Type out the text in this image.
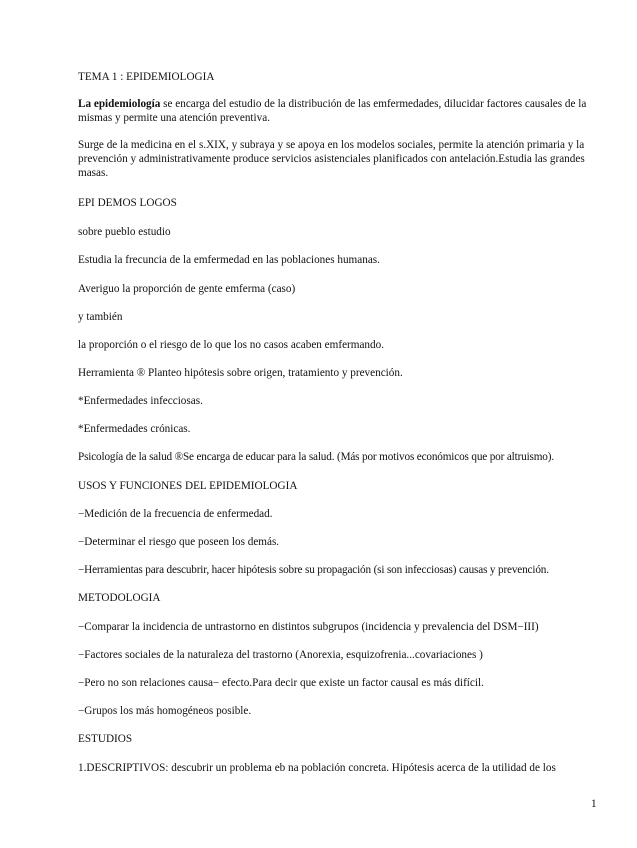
TEMA 1 : EPIDEMIOLOGIA

La epidemiología se encarga del estudio de la distribución de las emfermedades, dilucidar factores causales de la mismas y permite una atención preventiva.

Surge de la medicina en el s.XIX, y subraya y se apoya en los modelos sociales, permite la atención primaria y la prevención y administrativamente produce servicios asistenciales planificados con antelación.Estudia las grandes masas.

EPI DEMOS LOGOS

sobre pueblo estudio

Estudia la frecuncia de la emfermedad en las poblaciones humanas.

Averiguo la proporción de gente emferma (caso)

y también

la proporción o el riesgo de lo que los no casos acaben emfermando.

Herramienta ® Planteo hipótesis sobre origen, tratamiento y prevención.

*Enfermedades infecciosas.

*Enfermedades crónicas.

Psicología de la salud ®Se encarga de educar para la salud. (Más por motivos económicos que por altruismo).

USOS Y FUNCIONES DEL EPIDEMIOLOGIA

−Medición de la frecuencia de enfermedad.

−Determinar el riesgo que poseen los demás.

−Herramientas para descubrir, hacer hipótesis sobre su propagación (si son infecciosas) causas y prevención.

METODOLOGIA

−Comparar la incidencia de untrastorno en distintos subgrupos (incidencia y prevalencia del DSM−III)

−Factores sociales de la naturaleza del trastorno (Anorexia, esquizofrenia...covariaciones )

−Pero no son relaciones causa− efecto.Para decir que existe un factor causal es más difícil.

−Grupos los más homogéneos posible.

ESTUDIOS

1.DESCRIPTIVOS: descubrir un problema eb na población concreta. Hipótesis acerca de la utilidad de los

1
